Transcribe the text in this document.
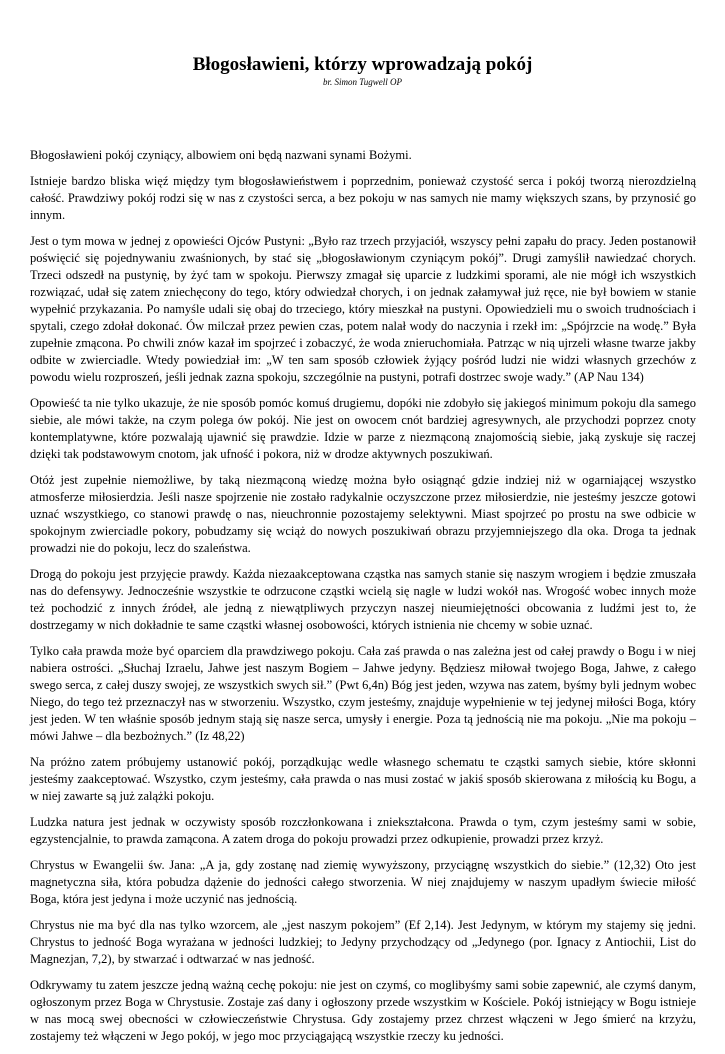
Błogosławieni, którzy wprowadzają pokój
br. Simon Tugwell OP

Błogosławieni pokój czyniący, albowiem oni będą nazwani synami Bożymi.

Istnieje bardzo bliska więź między tym błogosławieństwem i poprzednim, ponieważ czystość serca i pokój tworzą nierozdzielną całość. Prawdziwy pokój rodzi się w nas z czystości serca, a bez pokoju w nas samych nie mamy większych szans, by przynosić go innym.

Jest o tym mowa w jednej z opowieści Ojców Pustyni: „Było raz trzech przyjaciół, wszyscy pełni zapału do pracy. Jeden postanowił poświęcić się pojednywaniu zwaśnionych, by stać się „błogosławionym czyniącym pokój”. Drugi zamyślił nawiedzać chorych. Trzeci odszedł na pustynię, by żyć tam w spokoju. Pierwszy zmagał się uparcie z ludzkimi sporami, ale nie mógł ich wszystkich rozwiązać, udał się zatem zniechęcony do tego, który odwiedzał chorych, i on jednak załamywał już ręce, nie był bowiem w stanie wypełnić przykazania. Po namyśle udali się obaj do trzeciego, który mieszkał na pustyni. Opowiedzieli mu o swoich trudnościach i spytali, czego zdołał dokonać. Ów milczał przez pewien czas, potem nalał wody do naczynia i rzekł im: „Spójrzcie na wodę.” Była zupełnie zmącona. Po chwili znów kazał im spojrzeć i zobaczyć, że woda znieruchomiała. Patrząc w nią ujrzeli własne twarze jakby odbite w zwierciadle. Wtedy powiedział im: „W ten sam sposób człowiek żyjący pośród ludzi nie widzi własnych grzechów z powodu wielu rozproszeń, jeśli jednak zazna spokoju, szczególnie na pustyni, potrafi dostrzec swoje wady.” (AP Nau 134)

Opowieść ta nie tylko ukazuje, że nie sposób pomóc komuś drugiemu, dopóki nie zdobyło się jakiegoś minimum pokoju dla samego siebie, ale mówi także, na czym polega ów pokój. Nie jest on owocem cnót bardziej agresywnych, ale przychodzi poprzez cnoty kontemplatywne, które pozwalają ujawnić się prawdzie. Idzie w parze z niezmąconą znajomością siebie, jaką zyskuje się raczej dzięki tak podstawowym cnotom, jak ufność i pokora, niż w drodze aktywnych poszukiwań.

Otóż jest zupełnie niemożliwe, by taką niezmąconą wiedzę można było osiągnąć gdzie indziej niż w ogarniającej wszystko atmosferze miłosierdzia. Jeśli nasze spojrzenie nie zostało radykalnie oczyszczone przez miłosierdzie, nie jesteśmy jeszcze gotowi uznać wszystkiego, co stanowi prawdę o nas, nieuchronnie pozostajemy selektywni. Miast spojrzeć po prostu na swe odbicie w spokojnym zwierciadle pokory, pobudzamy się wciąż do nowych poszukiwań obrazu przyjemniejszego dla oka. Droga ta jednak prowadzi nie do pokoju, lecz do szaleństwa.

Drogą do pokoju jest przyjęcie prawdy. Każda niezaakceptowana cząstka nas samych stanie się naszym wrogiem i będzie zmuszała nas do defensywy. Jednocześnie wszystkie te odrzucone cząstki wcielą się nagle w ludzi wokół nas. Wrogość wobec innych może też pochodzić z innych źródeł, ale jedną z niewątpliwych przyczyn naszej nieumiejętności obcowania z ludźmi jest to, że dostrzegamy w nich dokładnie te same cząstki własnej osobowości, których istnienia nie chcemy w sobie uznać.

Tylko cała prawda może być oparciem dla prawdziwego pokoju. Cała zaś prawda o nas zależna jest od całej prawdy o Bogu i w niej nabiera ostrości. „Słuchaj Izraelu, Jahwe jest naszym Bogiem – Jahwe jedyny. Będziesz miłował twojego Boga, Jahwe, z całego swego serca, z całej duszy swojej, ze wszystkich swych sił.” (Pwt 6,4n) Bóg jest jeden, wzywa nas zatem, byśmy byli jednym wobec Niego, do tego też przeznaczył nas w stworzeniu. Wszystko, czym jesteśmy, znajduje wypełnienie w tej jedynej miłości Boga, który jest jeden. W ten właśnie sposób jednym stają się nasze serca, umysły i energie. Poza tą jednością nie ma pokoju. „Nie ma pokoju – mówi Jahwe – dla bezbożnych.” (Iz 48,22)

Na próżno zatem próbujemy ustanowić pokój, porządkując wedle własnego schematu te cząstki samych siebie, które skłonni jesteśmy zaakceptować. Wszystko, czym jesteśmy, cała prawda o nas musi zostać w jakiś sposób skierowana z miłością ku Bogu, a w niej zawarte są już zalążki pokoju.

Ludzka natura jest jednak w oczywisty sposób rozczłonkowana i zniekształcona. Prawda o tym, czym jesteśmy sami w sobie, egzystencjalnie, to prawda zamącona. A zatem droga do pokoju prowadzi przez odkupienie, prowadzi przez krzyż.

Chrystus w Ewangelii św. Jana: „A ja, gdy zostanę nad ziemię wywyższony, przyciągnę wszystkich do siebie.” (12,32) Oto jest magnetyczna siła, która pobudza dążenie do jedności całego stworzenia. W niej znajdujemy w naszym upadłym świecie miłość Boga, która jest jedyna i może uczynić nas jednością.

Chrystus nie ma być dla nas tylko wzorcem, ale „jest naszym pokojem” (Ef 2,14). Jest Jedynym, w którym my stajemy się jedni. Chrystus to jedność Boga wyrażana w jedności ludzkiej; to Jedyny przychodzący od „Jedynego (por. Ignacy z Antiochii, List do Magnezjan, 7,2), by stwarzać i odtwarzać w nas jedność.

Odkrywamy tu zatem jeszcze jedną ważną cechę pokoju: nie jest on czymś, co moglibyśmy sami sobie zapewnić, ale czymś danym, ogłoszonym przez Boga w Chrystusie. Zostaje zaś dany i ogłoszony przede wszystkim w Kościele. Pokój istniejący w Bogu istnieje w nas mocą swej obecności w człowieczeństwie Chrystusa. Gdy zostajemy przez chrzest włączeni w Jego śmierć na krzyżu, zostajemy też włączeni w Jego pokój, w jego moc przyciągającą wszystkie rzeczy ku jedności.
